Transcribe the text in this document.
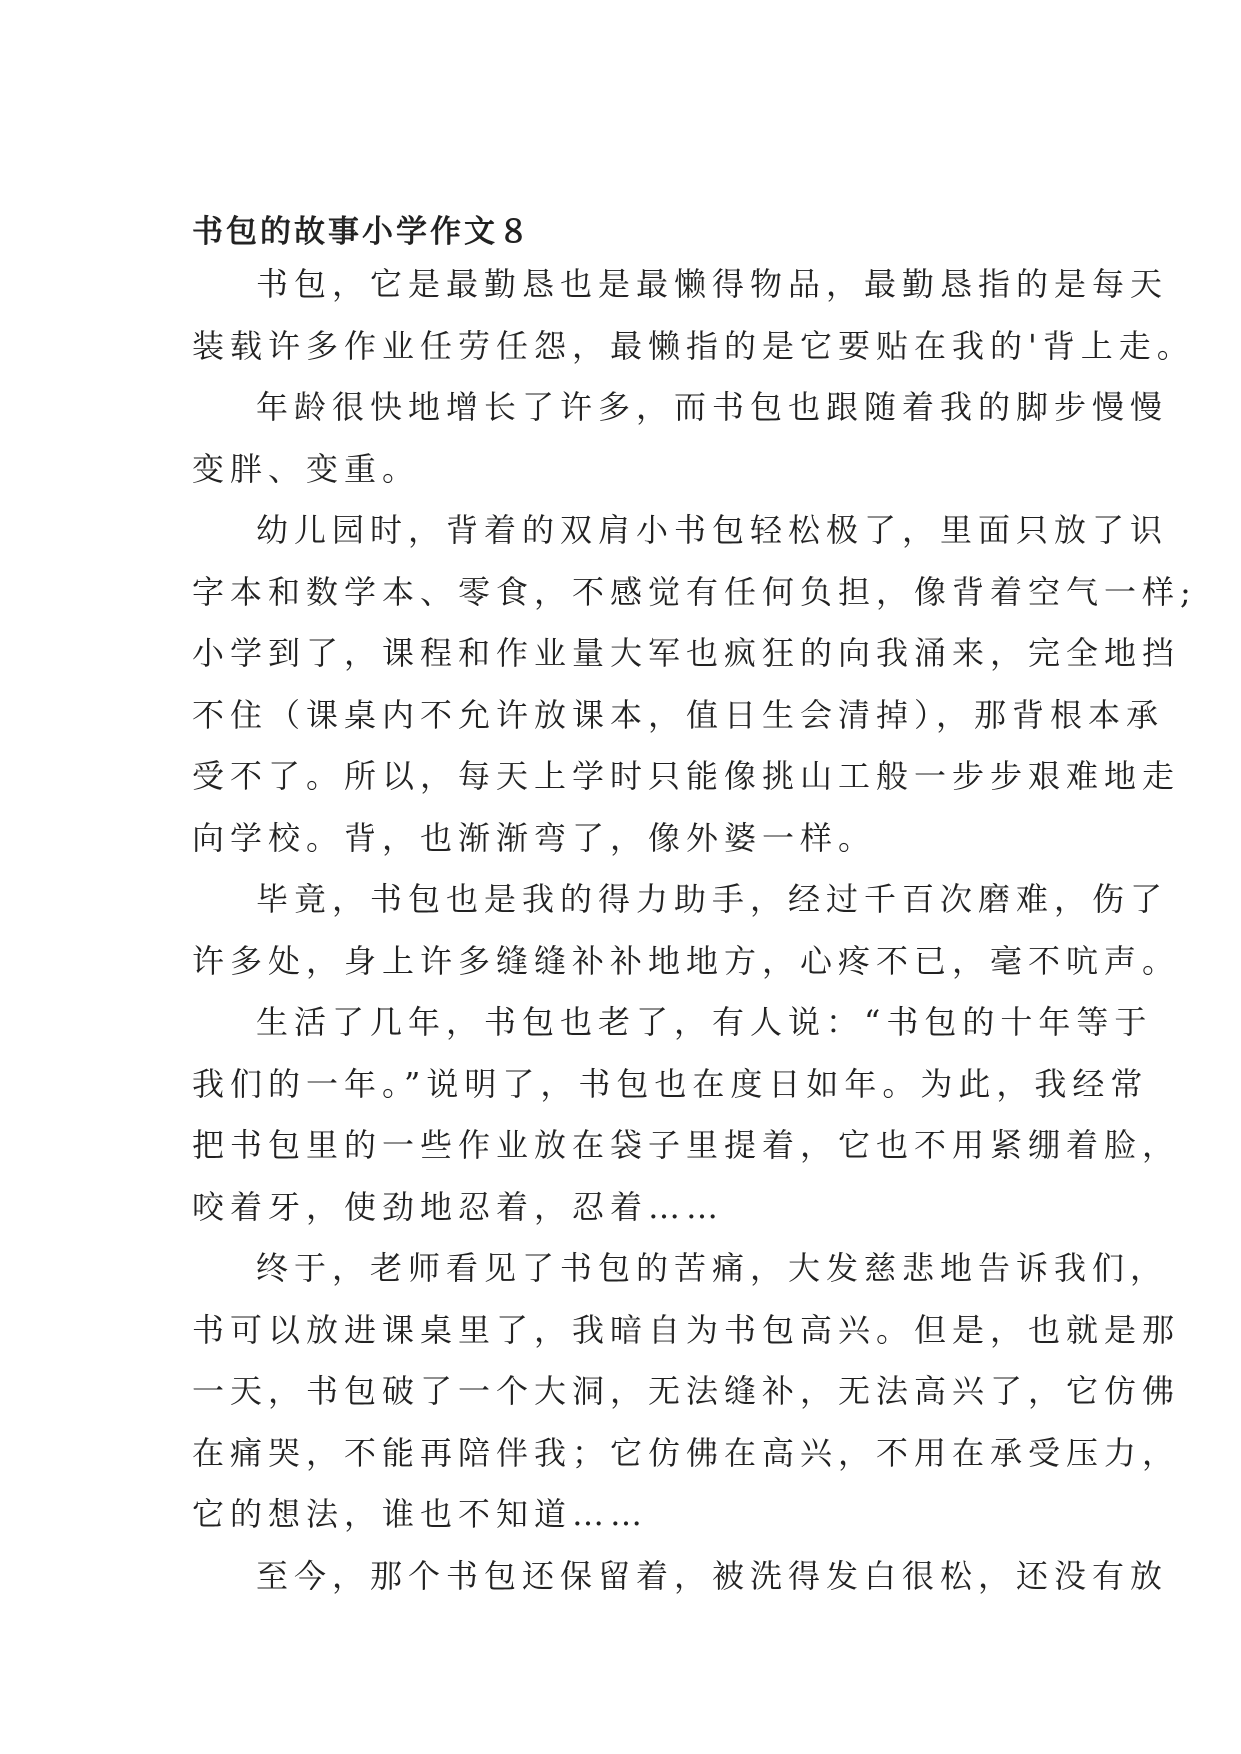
书包的故事小学作文８
书包，它是最勤恳也是最懒得物品，最勤恳指的是每天
装载许多作业任劳任怨，最懒指的是它要贴在我的'背上走。
年龄很快地增长了许多，而书包也跟随着我的脚步慢慢
变胖、变重。
幼儿园时，背着的双肩小书包轻松极了，里面只放了识
字本和数学本、零食，不感觉有任何负担，像背着空气一样;
小学到了，课程和作业量大军也疯狂的向我涌来，完全地挡
不住（课桌内不允许放课本，值日生会清掉），那背根本承
受不了。所以，每天上学时只能像挑山工般一步步艰难地走
向学校。背，也渐渐弯了，像外婆一样。
毕竟，书包也是我的得力助手，经过千百次磨难，伤了
许多处，身上许多缝缝补补地地方，心疼不已，毫不吭声。
生活了几年，书包也老了，有人说：“书包的十年等于
我们的一年。”说明了，书包也在度日如年。为此，我经常
把书包里的一些作业放在袋子里提着，它也不用紧绷着脸，
咬着牙，使劲地忍着，忍着……
终于，老师看见了书包的苦痛，大发慈悲地告诉我们，
书可以放进课桌里了，我暗自为书包高兴。但是，也就是那
一天，书包破了一个大洞，无法缝补，无法高兴了，它仿佛
在痛哭，不能再陪伴我；它仿佛在高兴，不用在承受压力，
它的想法，谁也不知道……
至今，那个书包还保留着，被洗得发白很松，还没有放
